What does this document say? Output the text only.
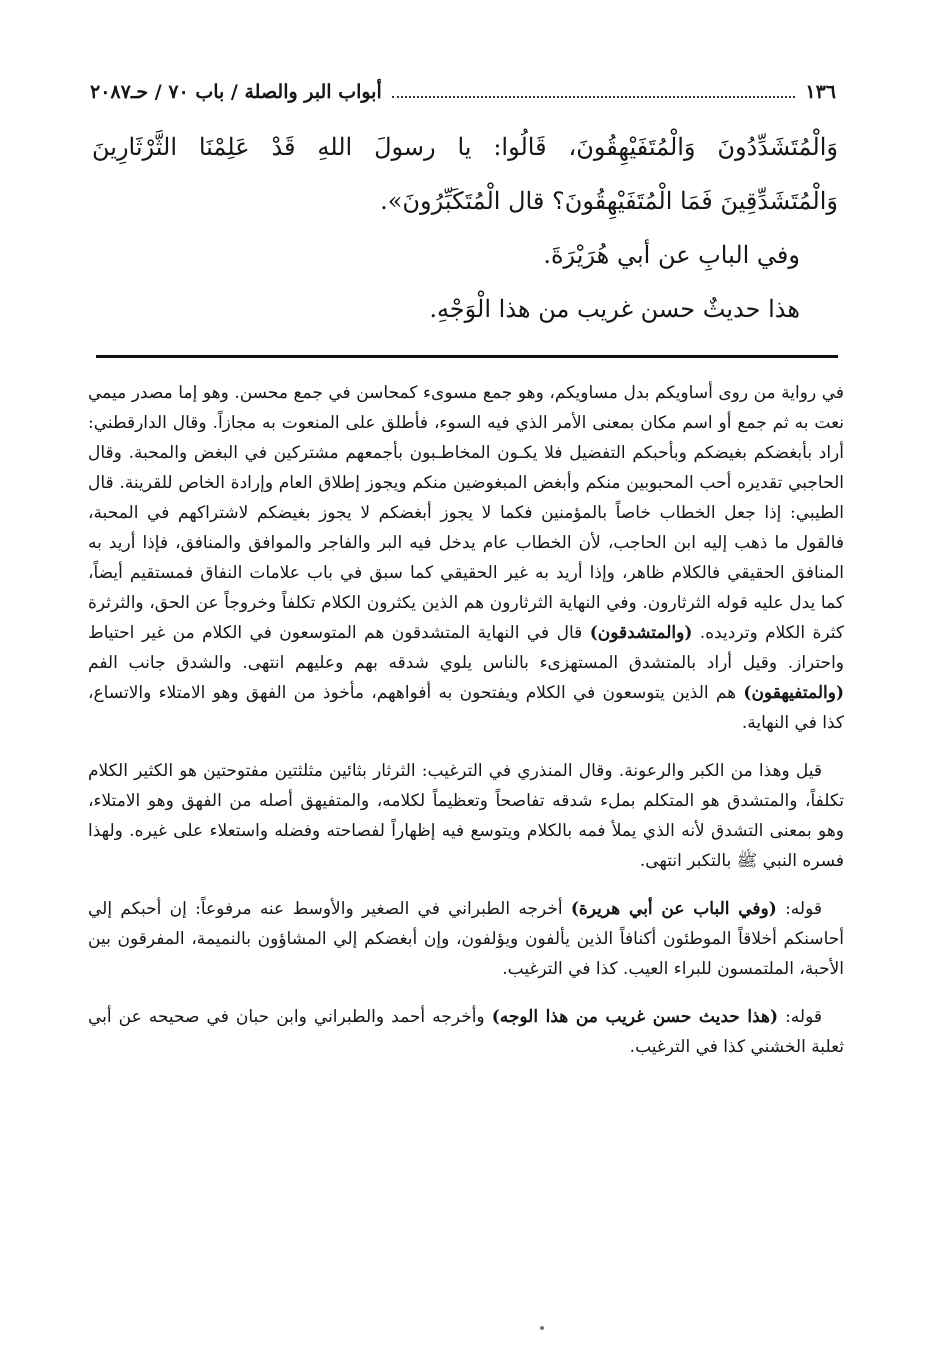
١٣٦
أبواب البر والصلة / باب ٧٠ / حـ٢٠٨٧

وَالْمُتَشَدِّدُونَ وَالْمُتَفَيْهِقُونَ، قَالُوا: يا رسولَ اللهِ قَدْ عَلِمْنَا الثَّرْثَارِينَ وَالْمُتَشَدِّقِينَ فَمَا الْمُتَفَيْهِقُونَ؟ قال الْمُتَكَبِّرُونَ».

وفي البابِ عن أبي هُرَيْرَةَ.

هذا حديثٌ حسن غريب من هذا الْوَجْهِ.

في رواية من روى أساويكم بدل مساويكم، وهو جمع مسوىء كمحاسن في جمع محسن. وهو إما مصدر ميمي نعت به ثم جمع أو اسم مكان بمعنى الأمر الذي فيه السوء، فأطلق على المنعوت به مجازاً. وقال الدارقطني: أراد بأبغضكم بغيضكم وبأحبكم التفضيل فلا يكـون المخاطـبون بأجمعهم مشتركين في البغض والمحبة. وقال الحاجبي تقديره أحب المحبوبين منكم وأبغض المبغوضين منكم ويجوز إطلاق العام وإرادة الخاص للقرينة. قال الطيبي: إذا جعل الخطاب خاصاً بالمؤمنين فكما لا يجوز أبغضكم لا يجوز بغيضكم لاشتراكهم في المحبة، فالقول ما ذهب إليه ابن الحاجب، لأن الخطاب عام يدخل فيه البر والفاجر والموافق والمنافق، فإذا أريد به المنافق الحقيقي فالكلام ظاهر، وإذا أريد به غير الحقيقي كما سبق في باب علامات النفاق فمستقيم أيضاً، كما يدل عليه قوله الثرثارون. وفي النهاية الثرثارون هم الذين يكثرون الكلام تكلفاً وخروجاً عن الحق، والثرثرة كثرة الكلام وترديده. (والمتشدقون) قال في النهاية المتشدقون هم المتوسعون في الكلام من غير احتياط واحتراز. وقيل أراد بالمتشدق المستهزىء بالناس يلوي شدقه بهم وعليهم انتهى. والشدق جانب الفم (والمتفيهقون) هم الذين يتوسعون في الكلام ويفتحون به أفواههم، مأخوذ من الفهق وهو الامتلاء والاتساع، كذا في النهاية.

قيل وهذا من الكبر والرعونة. وقال المنذري في الترغيب: الثرثار بثائين مثلثتين مفتوحتين هو الكثير الكلام تكلفاً، والمتشدق هو المتكلم بملء شدقه تفاصحاً وتعظيماً لكلامه، والمتفيهق أصله من الفهق وهو الامتلاء، وهو بمعنى التشدق لأنه الذي يملأ فمه بالكلام ويتوسع فيه إظهاراً لفصاحته وفضله واستعلاء على غيره. ولهذا فسره النبي ﷺ بالتكبر انتهى.

قوله: (وفي الباب عن أبي هريرة) أخرجه الطبراني في الصغير والأوسط عنه مرفوعاً: إن أحبكم إلي أحاسنكم أخلاقاً الموطئون أكنافاً الذين يألفون ويؤلفون، وإن أبغضكم إلي المشاؤون بالنميمة، المفرقون بين الأحبة، الملتمسون للبراء العيب. كذا في الترغيب.

قوله: (هذا حديث حسن غريب من هذا الوجه) وأخرجه أحمد والطبراني وابن حبان في صحيحه عن أبي ثعلبة الخشني كذا في الترغيب.
